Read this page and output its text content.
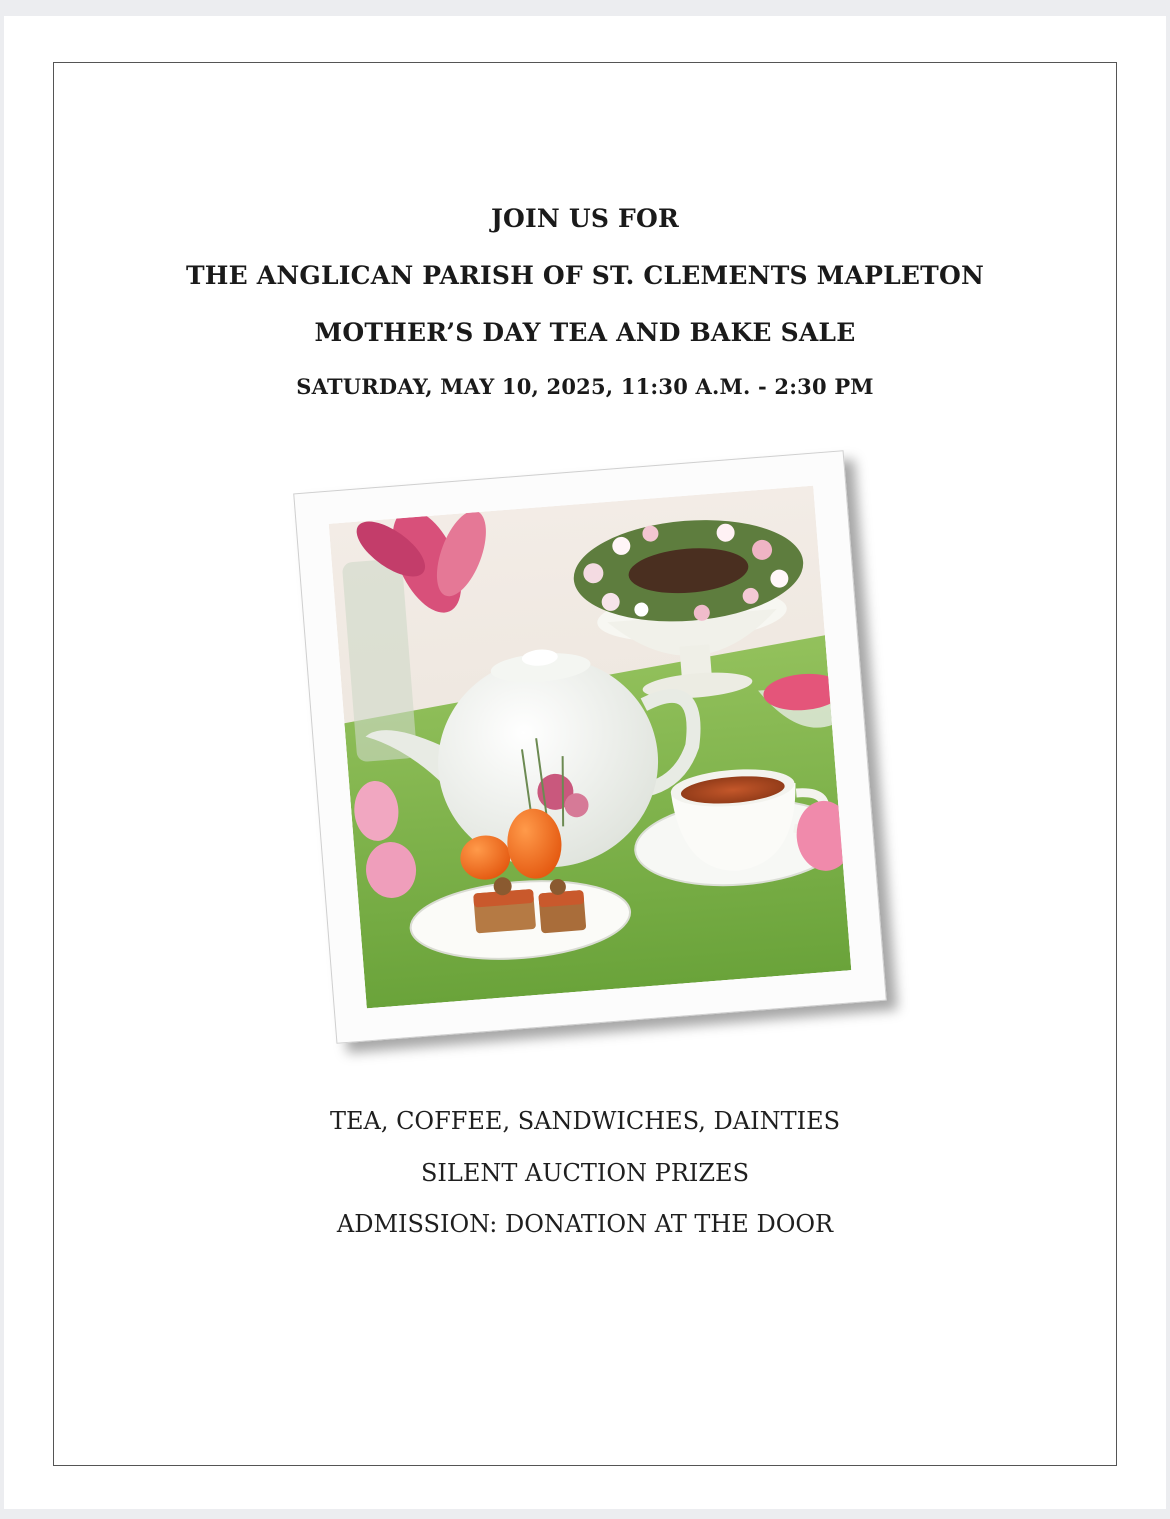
JOIN US FOR
THE ANGLICAN PARISH OF ST. CLEMENTS MAPLETON
MOTHER’S DAY TEA AND BAKE SALE
SATURDAY, MAY 10, 2025, 11:30 A.M. - 2:30 PM
TEA, COFFEE, SANDWICHES, DAINTIES
SILENT AUCTION PRIZES
ADMISSION: DONATION AT THE DOOR
